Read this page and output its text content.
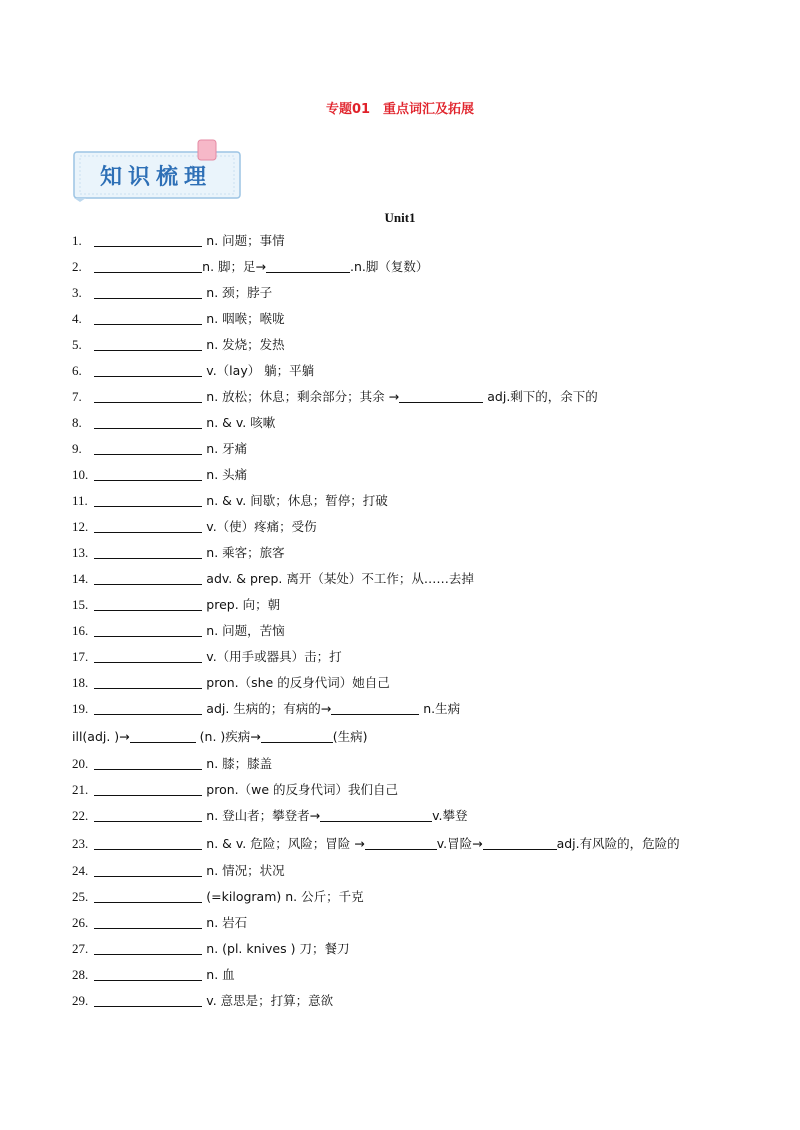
专题01　重点词汇及拓展
知识梳理
Unit1
1.	n. 问题；事情
2.	n. 脚；足→	.n.脚（复数）
3.	n. 颈；脖子
4.	n. 咽喉；喉咙
5.	n. 发烧；发热
6.	v.（lay） 躺；平躺
7.	n. 放松；休息；剩余部分；其余 →	adj.剩下的，余下的
8.	n. & v. 咳嗽
9.	n. 牙痛
10.	n. 头痛
11.	n. & v. 间歇；休息；暂停；打破
12.	v.（使）疼痛；受伤
13.	n. 乘客；旅客
14.	adv. & prep. 离开（某处）不工作；从……去掉
15.	prep. 向；朝
16.	n. 问题，苦恼
17.	v.（用手或器具）击；打
18.	pron.（she 的反身代词）她自己
19.	adj. 生病的；有病的→	n.生病
ill(adj. )→	(n. )疾病→	(生病)
20.	n. 膝；膝盖
21.	pron.（we 的反身代词）我们自己
22.	n. 登山者；攀登者→	v.攀登
23.	n. & v. 危险；风险；冒险 →	v.冒险→	adj.有风险的，危险的
24.	n. 情况；状况
25.	(=kilogram) n. 公斤；千克
26.	n. 岩石
27.	n. (pl. knives ) 刀；餐刀
28.	n. 血
29.	v. 意思是；打算；意欲
